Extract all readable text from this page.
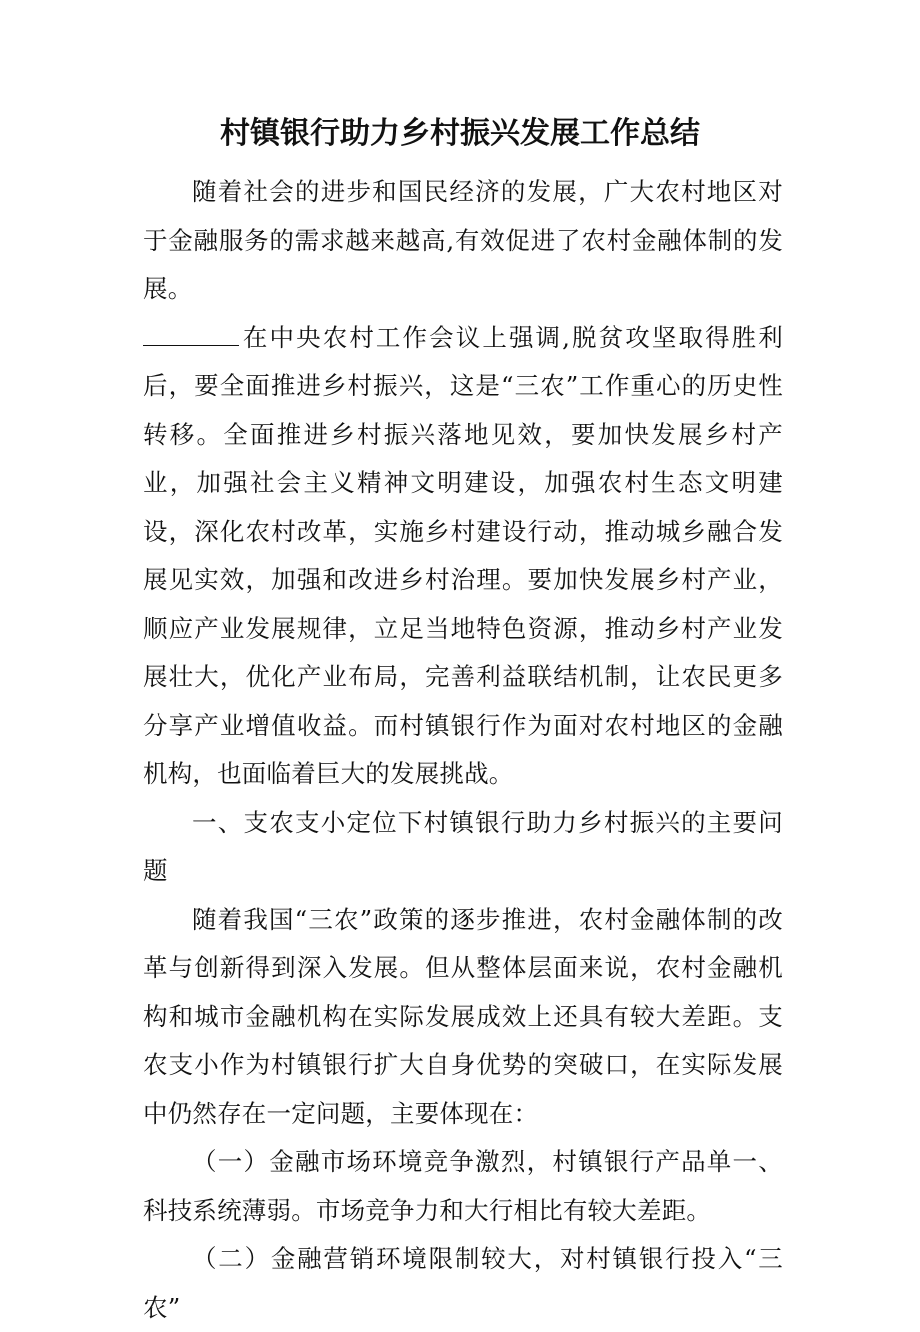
村镇银行助力乡村振兴发展工作总结

随着社会的进步和国民经济的发展，广大农村地区对于金融服务的需求越来越高,有效促进了农村金融体制的发展。

在中央农村工作会议上强调,脱贫攻坚取得胜利后，要全面推进乡村振兴，这是“三农”工作重心的历史性转移。全面推进乡村振兴落地见效，要加快发展乡村产业，加强社会主义精神文明建设，加强农村生态文明建设，深化农村改革，实施乡村建设行动，推动城乡融合发展见实效，加强和改进乡村治理。要加快发展乡村产业，顺应产业发展规律，立足当地特色资源，推动乡村产业发展壮大，优化产业布局，完善利益联结机制，让农民更多分享产业增值收益。而村镇银行作为面对农村地区的金融机构，也面临着巨大的发展挑战。

一、支农支小定位下村镇银行助力乡村振兴的主要问题

随着我国“三农”政策的逐步推进，农村金融体制的改革与创新得到深入发展。但从整体层面来说，农村金融机构和城市金融机构在实际发展成效上还具有较大差距。支农支小作为村镇银行扩大自身优势的突破口，在实际发展中仍然存在一定问题，主要体现在：

（一）金融市场环境竞争激烈，村镇银行产品单一、科技系统薄弱。市场竞争力和大行相比有较大差距。

（二）金融营销环境限制较大，对村镇银行投入“三农”
